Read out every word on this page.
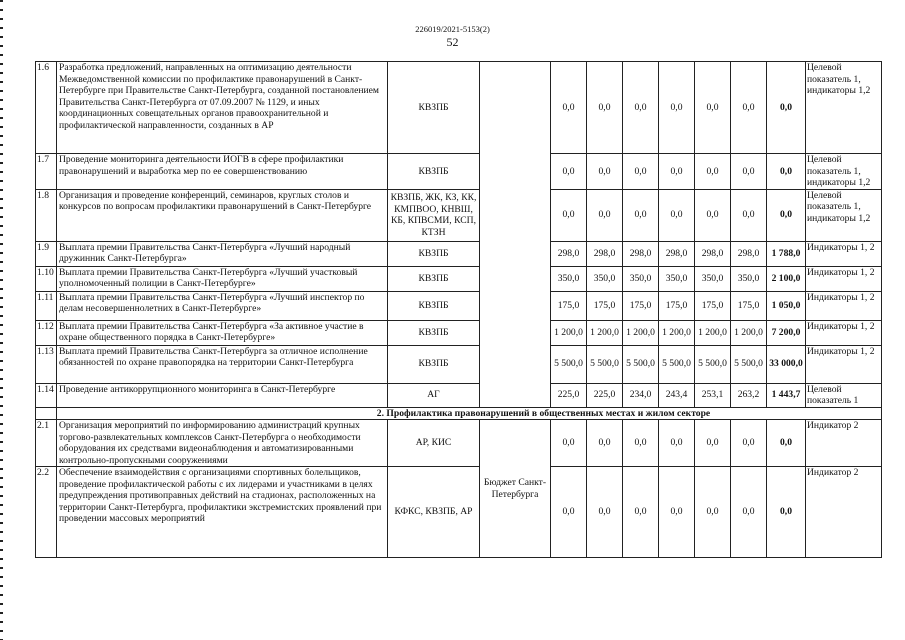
226019/2021-5153(2)
52
1.6	Разработка предложений, направленных на оптимизацию деятельности Межведомственной комиссии по профилактике правонарушений в Санкт-Петербурге при Правительстве Санкт-Петербурга, созданной постановлением Правительства Санкт-Петербурга от 07.09.2007 № 1129, и иных координационных совещательных органов правоохранительной и профилактической направленности, созданных в АР	КВЗПБ		0,0	0,0	0,0	0,0	0,0	0,0	0,0	Целевой показатель 1, индикаторы 1,2
1.7	Проведение мониторинга деятельности ИОГВ в сфере профилактики правонарушений и выработка мер по ее совершенствованию	КВЗПБ		0,0	0,0	0,0	0,0	0,0	0,0	0,0	Целевой показатель 1, индикаторы 1,2
1.8	Организация и проведение конференций, семинаров, круглых столов и конкурсов по вопросам профилактики правонарушений в Санкт-Петербурге	КВЗПБ, ЖК, КЗ, КК, КМПВОО, КНВШ, КБ, КПВСМИ, КСП, КТЗН		0,0	0,0	0,0	0,0	0,0	0,0	0,0	Целевой показатель 1, индикаторы 1,2
1.9	Выплата премии Правительства Санкт-Петербурга «Лучший народный дружинник Санкт-Петербурга»	КВЗПБ		298,0	298,0	298,0	298,0	298,0	298,0	1 788,0	Индикаторы 1, 2
1.10	Выплата премии Правительства Санкт-Петербурга «Лучший участковый уполномоченный полиции в Санкт-Петербурге»	КВЗПБ		350,0	350,0	350,0	350,0	350,0	350,0	2 100,0	Индикаторы 1, 2
1.11	Выплата премии Правительства Санкт-Петербурга «Лучший инспектор по делам несовершеннолетних в Санкт-Петербурге»	КВЗПБ		175,0	175,0	175,0	175,0	175,0	175,0	1 050,0	Индикаторы 1, 2
1.12	Выплата премии Правительства Санкт-Петербурга «За активное участие в охране общественного порядка в Санкт-Петербурге»	КВЗПБ		1 200,0	1 200,0	1 200,0	1 200,0	1 200,0	1 200,0	7 200,0	Индикаторы 1, 2
1.13	Выплата премий Правительства Санкт-Петербурга за отличное исполнение обязанностей по охране правопорядка на территории Санкт-Петербурга	КВЗПБ		5 500,0	5 500,0	5 500,0	5 500,0	5 500,0	5 500,0	33 000,0	Индикаторы 1, 2
1.14	Проведение антикоррупционного мониторинга в Санкт-Петербурге	АГ		225,0	225,0	234,0	243,4	253,1	263,2	1 443,7	Целевой показатель 1
	2. Профилактика правонарушений в общественных местах и жилом секторе										
2.1	Организация мероприятий по информированию администраций крупных торгово-развлекательных комплексов Санкт-Петербурга о необходимости оборудования их средствами видеонаблюдения и автоматизированными контрольно-пропускными сооружениями	АР, КИС	Бюджет Санкт-Петербурга	0,0	0,0	0,0	0,0	0,0	0,0	0,0	Индикатор 2
2.2	Обеспечение взаимодействия с организациями спортивных болельщиков, проведение профилактической работы с их лидерами и участниками в целях предупреждения противоправных действий на стадионах, расположенных на территории Санкт-Петербурга, профилактики экстремистских проявлений при проведении массовых мероприятий	КФКС, КВЗПБ, АР		0,0	0,0	0,0	0,0	0,0	0,0	0,0	Индикатор 2
